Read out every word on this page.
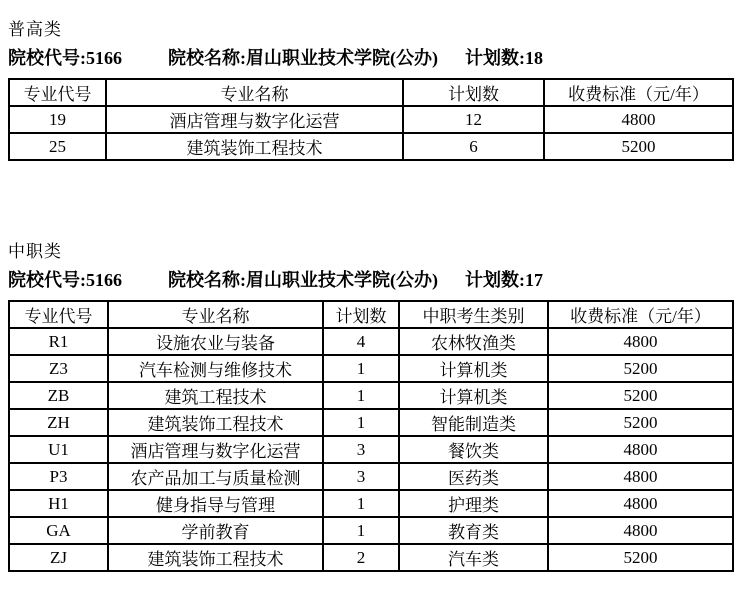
普高类
院校代号:5166	院校名称:眉山职业技术学院(公办) 计划数:18
专业代号	专业名称	计划数	收费标准（元/年）
19	酒店管理与数字化运营	12	4800
25	建筑装饰工程技术	6	5200
中职类
院校代号:5166	院校名称:眉山职业技术学院(公办) 计划数:17
专业代号	专业名称	计划数	中职考生类别	收费标准（元/年）
R1	设施农业与装备	4	农林牧渔类	4800
Z3	汽车检测与维修技术	1	计算机类	5200
ZB	建筑工程技术	1	计算机类	5200
ZH	建筑装饰工程技术	1	智能制造类	5200
U1	酒店管理与数字化运营	3	餐饮类	4800
P3	农产品加工与质量检测	3	医药类	4800
H1	健身指导与管理	1	护理类	4800
GA	学前教育	1	教育类	4800
ZJ	建筑装饰工程技术	2	汽车类	5200
